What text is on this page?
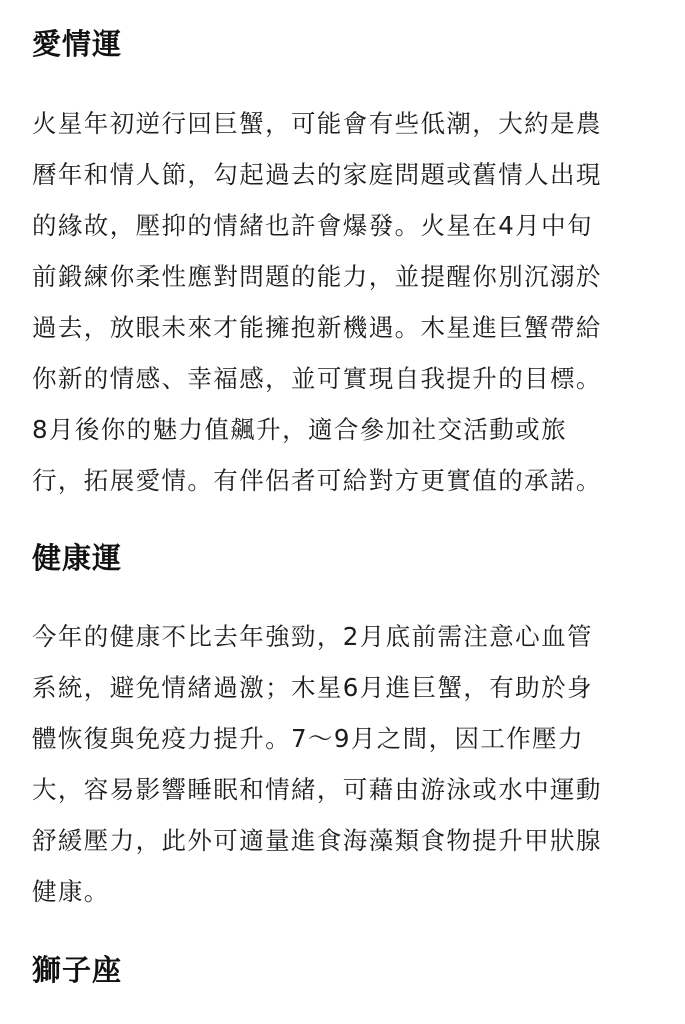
愛情運
火星年初逆行回巨蟹，可能會有些低潮，大約是農
曆年和情人節，勾起過去的家庭問題或舊情人出現
的緣故，壓抑的情緒也許會爆發。火星在4月中旬
前鍛練你柔性應對問題的能力，並提醒你別沉溺於
過去，放眼未來才能擁抱新機遇。木星進巨蟹帶給
你新的情感、幸福感，並可實現自我提升的目標。
8月後你的魅力值飆升，適合參加社交活動或旅
行，拓展愛情。有伴侶者可給對方更實值的承諾。
健康運
今年的健康不比去年強勁，2月底前需注意心血管
系統，避免情緒過激；木星6月進巨蟹，有助於身
體恢復與免疫力提升。7～9月之間，因工作壓力
大，容易影響睡眠和情緒，可藉由游泳或水中運動
舒緩壓力，此外可適量進食海藻類食物提升甲狀腺
健康。
獅子座
